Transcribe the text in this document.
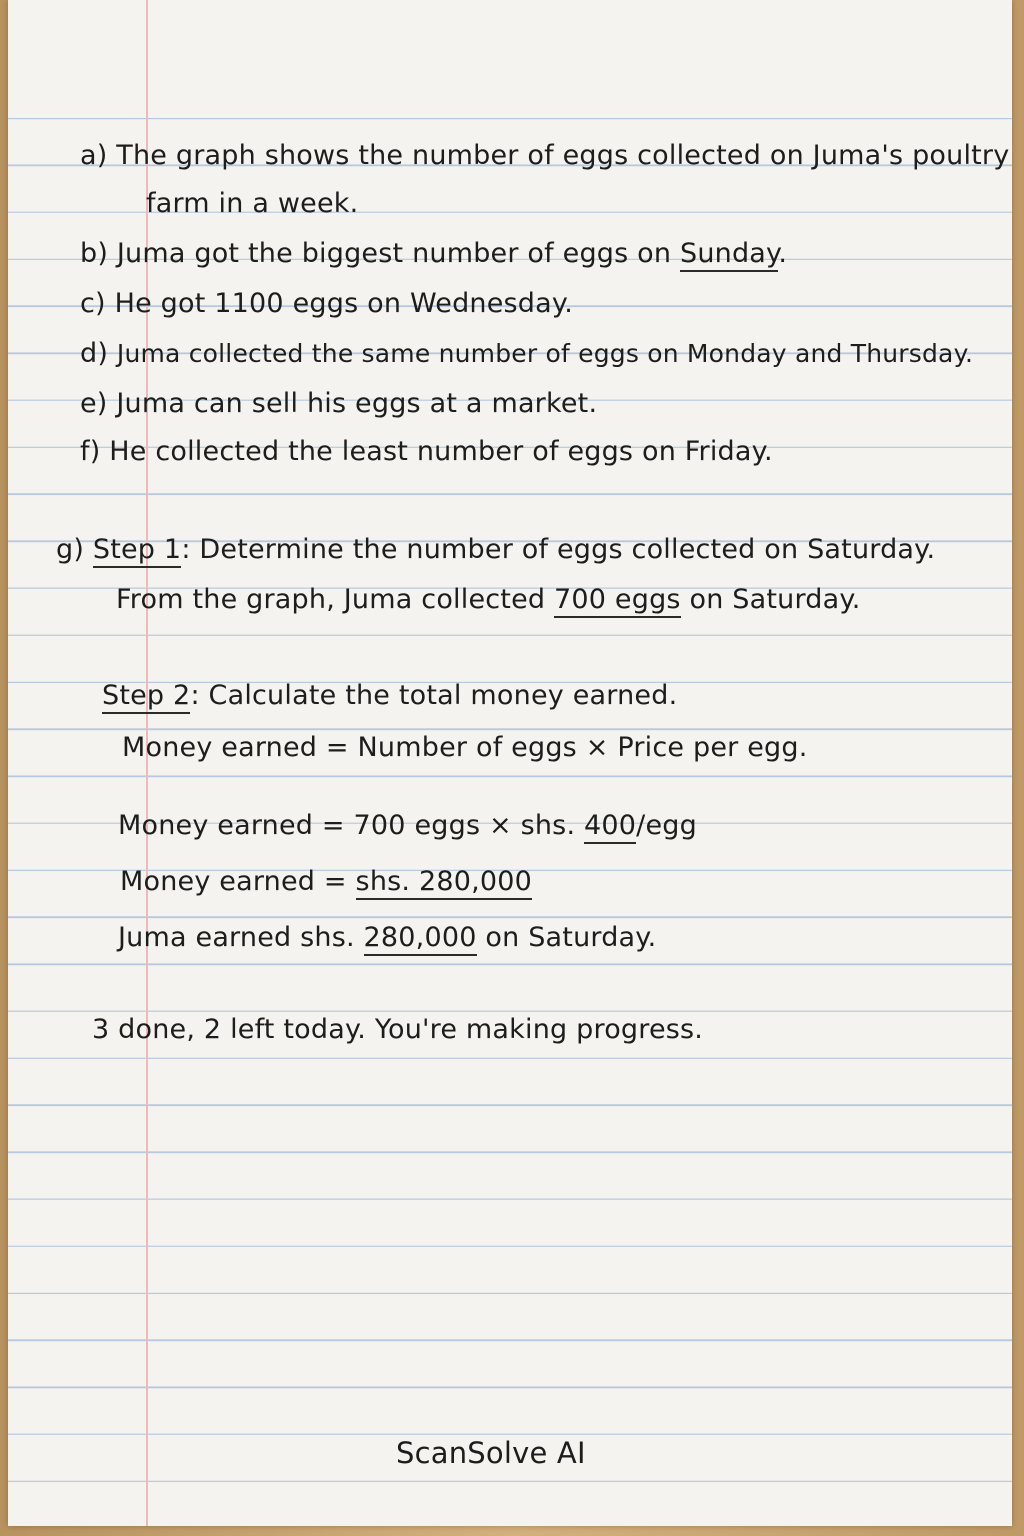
a) The graph shows the number of eggs collected on Juma's poultry
farm in a week.
b) Juma got the biggest number of eggs on Sunday.
c) He got 1100 eggs on Wednesday.
d) Juma collected the same number of eggs on Monday and Thursday.
e) Juma can sell his eggs at a market.
f) He collected the least number of eggs on Friday.
g) Step 1: Determine the number of eggs collected on Saturday.
From the graph, Juma collected 700 eggs on Saturday.
Step 2: Calculate the total money earned.
Money earned = Number of eggs × Price per egg.
Money earned = 700 eggs × shs. 400/egg
Money earned = shs. 280,000
Juma earned shs. 280,000 on Saturday.
3 done, 2 left today. You're making progress.
ScanSolve AI
